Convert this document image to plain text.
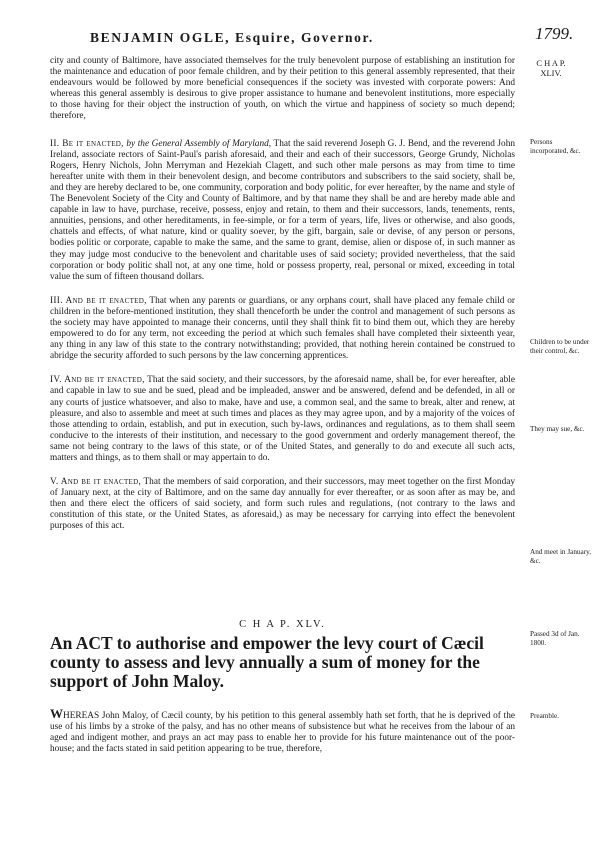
BENJAMIN OGLE, Esquire, Governor.	1799.
C H A P.
XLIV.
Persons incorporated, &c.
Children to be under their control, &c.
They may sue, &c.
And meet in January, &c.
Passed 3d of Jan. 1800.
Preamble.

city and county of Baltimore, have associated themselves for the truly benevolent purpose of establishing an institution for the maintenance and education of poor female children, and by their petition to this general assembly represented, that their endeavours would be followed by more beneficial consequences if the society was invested with corporate powers: And whereas this general assembly is desirous to give proper assistance to humane and benevolent institutions, more especially to those having for their object the instruction of youth, on which the virtue and happiness of society so much depend; therefore,

II. Be it enacted, by the General Assembly of Maryland, That the said reverend Joseph G. J. Bend, and the reverend John Ireland, associate rectors of Saint-Paul's parish aforesaid, and their and each of their successors, George Grundy, Nicholas Rogers, Henry Nichols, John Merryman and Hezekiah Clagett, and such other male persons as may from time to time hereafter unite with them in their benevolent design, and become contributors and subscribers to the said society, shall be, and they are hereby declared to be, one community, corporation and body politic, for ever hereafter, by the name and style of The Benevolent Society of the City and County of Baltimore, and by that name they shall be and are hereby made able and capable in law to have, purchase, receive, possess, enjoy and retain, to them and their successors, lands, tenements, rents, annuities, pensions, and other hereditaments, in fee-simple, or for a term of years, life, lives or otherwise, and also goods, chattels and effects, of what nature, kind or quality soever, by the gift, bargain, sale or devise, of any person or persons, bodies politic or corporate, capable to make the same, and the same to grant, demise, alien or dispose of, in such manner as they may judge most conducive to the benevolent and charitable uses of said society; provided nevertheless, that the said corporation or body politic shall not, at any one time, hold or possess property, real, personal or mixed, exceeding in total value the sum of fifteen thousand dollars.

III. And be it enacted, That when any parents or guardians, or any orphans court, shall have placed any female child or children in the before-mentioned institution, they shall thenceforth be under the control and management of such persons as the society may have appointed to manage their concerns, until they shall think fit to bind them out, which they are hereby empowered to do for any term, not exceeding the period at which such females shall have completed their sixteenth year, any thing in any law of this state to the contrary notwithstanding; provided, that nothing herein contained be construed to abridge the security afforded to such persons by the law concerning apprentices.

IV. And be it enacted, That the said society, and their successors, by the aforesaid name, shall be, for ever hereafter, able and capable in law to sue and be sued, plead and be impleaded, answer and be answered, defend and be defended, in all or any courts of justice whatsoever, and also to make, have and use, a common seal, and the same to break, alter and renew, at pleasure, and also to assemble and meet at such times and places as they may agree upon, and by a majority of the voices of those attending to ordain, establish, and put in execution, such by-laws, ordinances and regulations, as to them shall seem conducive to the interests of their institution, and necessary to the good government and orderly management thereof, the same not being contrary to the laws of this state, or of the United States, and generally to do and execute all such acts, matters and things, as to them shall or may appertain to do.

V. And be it enacted, That the members of said corporation, and their successors, may meet together on the first Monday of January next, at the city of Baltimore, and on the same day annually for ever thereafter, or as soon after as may be, and then and there elect the officers of said society, and form such rules and regulations, (not contrary to the laws and constitution of this state, or the United States, as aforesaid,) as may be necessary for carrying into effect the benevolent purposes of this act.

C H A P. XLV.
An ACT to authorise and empower the levy court of Cæcil county to assess and levy annually a sum of money for the support of John Maloy.

WHEREAS John Maloy, of Cæcil county, by his petition to this general assembly hath set forth, that he is deprived of the use of his limbs by a stroke of the palsy, and has no other means of subsistence but what he receives from the labour of an aged and indigent mother, and prays an act may pass to enable her to provide for his future maintenance out of the poor-house; and the facts stated in said petition appearing to be true, therefore,
